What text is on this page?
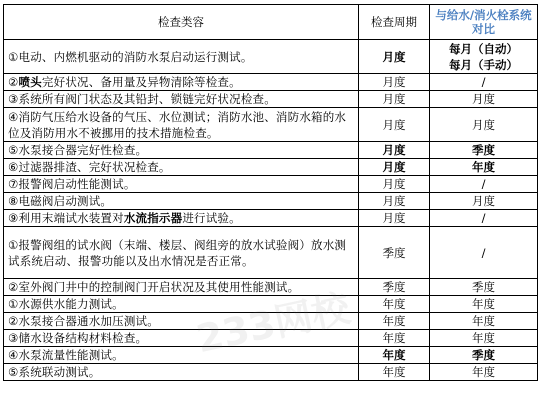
检查类容	检查周期	与给水/消火栓系统对比
①电动、内燃机驱动的消防水泵启动运行测试。	月度	每月（自动）
每月（手动）
②喷头完好状况、备用量及异物清除等检查。	月度	/
③系统所有阀门状态及其铅封、锁链完好状况检查。	月度	月度
④消防气压给水设备的气压、水位测试；消防水池、消防水箱的水位及消防用水不被挪用的技术措施检查。	月度	月度
⑤水泵接合器完好性检查。	月度	季度
⑥过滤器排渣、完好状况检查。	月度	年度
⑦报警阀启动性能测试。	月度	/
⑧电磁阀启动测试。	月度	月度
⑨利用末端试水装置对水流指示器进行试验。	月度	/
①报警阀组的试水阀（末端、楼层、阀组旁的放水试验阀）放水测试系统启动、报警功能以及出水情况是否正常。	季度	/
②室外阀门井中的控制阀门开启状况及其使用性能测试。	季度	季度
①水源供水能力测试。	年度	年度
②水泵接合器通水加压测试。	年度	年度
③储水设备结构材料检查。	年度	年度
④水泵流量性能测试。	年度	季度
⑤系统联动测试。	年度	年度
233网校
